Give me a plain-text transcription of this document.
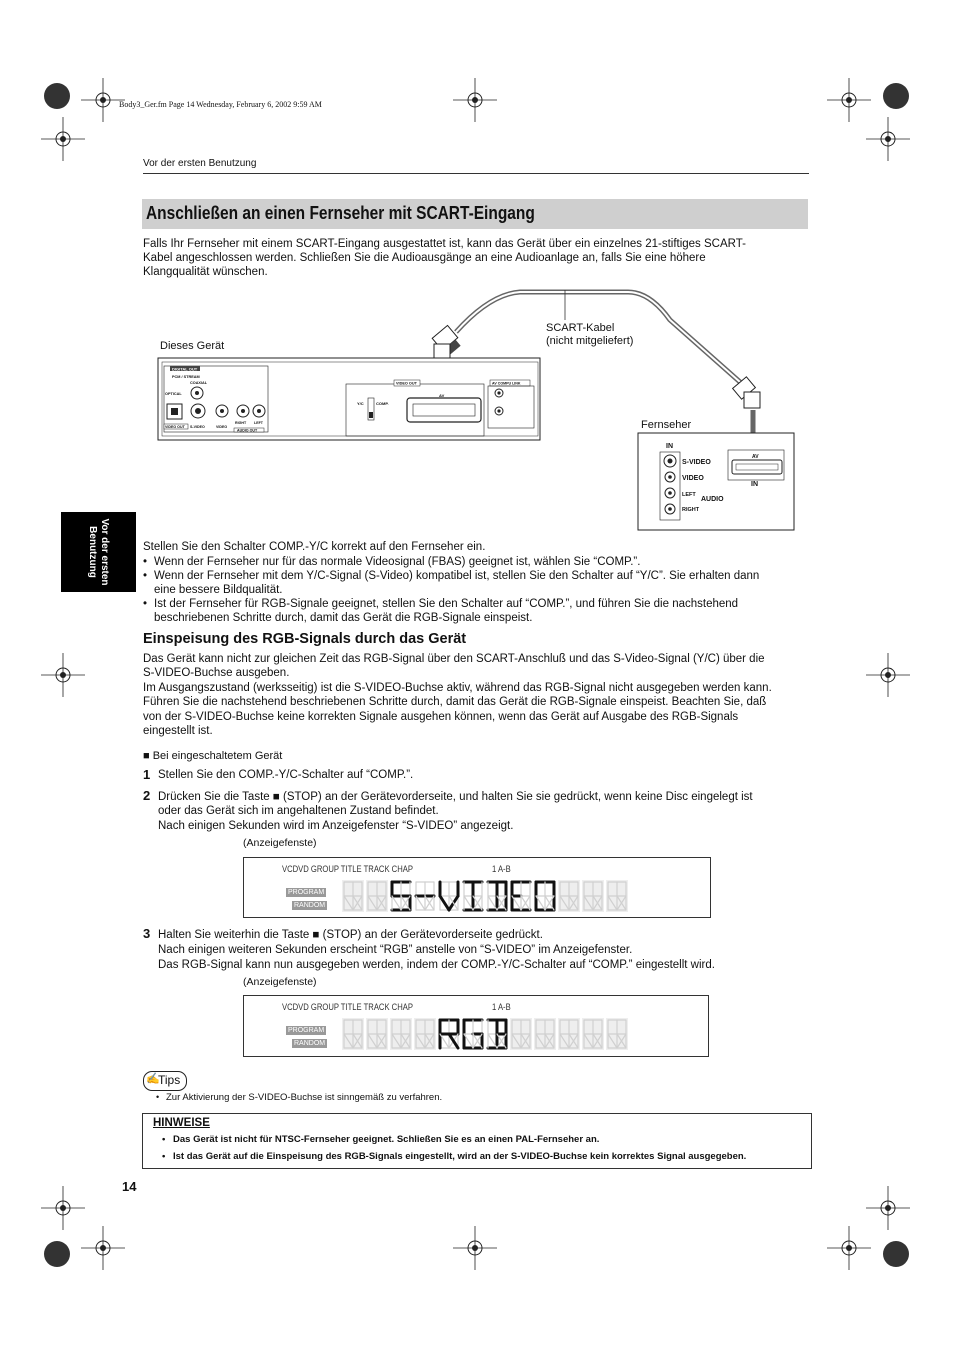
Body3_Ger.fm Page 14 Wednesday, February 6, 2002 9:59 AM
Vor der ersten Benutzung
Anschließen an einen Fernseher mit SCART-Eingang
Falls Ihr Fernseher mit einem SCART-Eingang ausgestattet ist, kann das Gerät über ein einzelnes 21-stiftiges SCART-
Kabel angeschlossen werden. Schließen Sie die Audioausgänge an eine Audioanlage an, falls Sie eine höhere
Klangqualität wünschen.
Vor der ersten Benutzung
Dieses Gerät
SCART-Kabel
(nicht mitgeliefert)
Fernseher
DIGITAL OUT
PCM / STREAM
COAXIAL
OPTICAL
VIDEO OUT S-VIDEO	VIDEO
RIGHT LEFT
AUDIO OUT
VIDEO OUT
AV
Y/C	COMP.
AV COMPU LINK
IN
S-VIDEO
VIDEO
LEFT
AUDIO
RIGHT
AV
IN
Stellen Sie den Schalter COMP.-Y/C korrekt auf den Fernseher ein.
• Wenn der Fernseher nur für das normale Videosignal (FBAS) geeignet ist, wählen Sie “COMP.”.
• Wenn der Fernseher mit dem Y/C-Signal (S-Video) kompatibel ist, stellen Sie den Schalter auf “Y/C”. Sie erhalten dann
eine bessere Bildqualität.
• Ist der Fernseher für RGB-Signale geeignet, stellen Sie den Schalter auf “COMP.”, und führen Sie die nachstehend
beschriebenen Schritte durch, damit das Gerät die RGB-Signale einspeist.
Einspeisung des RGB-Signals durch das Gerät
Das Gerät kann nicht zur gleichen Zeit das RGB-Signal über den SCART-Anschluß und das S-Video-Signal (Y/C) über die
S-VIDEO-Buchse ausgeben.
Im Ausgangszustand (werksseitig) ist die S-VIDEO-Buchse aktiv, während das RGB-Signal nicht ausgegeben werden kann.
Führen Sie die nachstehend beschriebenen Schritte durch, damit das Gerät die RGB-Signale einspeist. Beachten Sie, daß
von der S-VIDEO-Buchse keine korrekten Signale ausgehen können, wenn das Gerät auf Ausgabe des RGB-Signals
eingestellt ist.
■ Bei eingeschaltetem Gerät
1 Stellen Sie den COMP.-Y/C-Schalter auf “COMP.”.
2 Drücken Sie die Taste ■ (STOP) an der Gerätevorderseite, und halten Sie sie gedrückt, wenn keine Disc eingelegt ist
oder das Gerät sich im angehaltenen Zustand befindet.
Nach einigen Sekunden wird im Anzeigefenster “S-VIDEO” angezeigt.
(Anzeigefenste)
VCDVD GROUP TITLE TRACK CHAP	1 A-B
PROGRAM
RANDOM
3 Halten Sie weiterhin die Taste ■ (STOP) an der Gerätevorderseite gedrückt.
Nach einigen weiteren Sekunden erscheint “RGB” anstelle von “S-VIDEO” im Anzeigefenster.
Das RGB-Signal kann nun ausgegeben werden, indem der COMP.-Y/C-Schalter auf “COMP.” eingestellt wird.
(Anzeigefenste)
VCDVD GROUP TITLE TRACK CHAP	1 A-B
PROGRAM
RANDOM
✍
Tips
• Zur Aktivierung der S-VIDEO-Buchse ist sinngemäß zu verfahren.
HINWEISE
• Das Gerät ist nicht für NTSC-Fernseher geeignet. Schließen Sie es an einen PAL-Fernseher an.
• Ist das Gerät auf die Einspeisung des RGB-Signals eingestellt, wird an der S-VIDEO-Buchse kein korrektes Signal ausgegeben.
14
